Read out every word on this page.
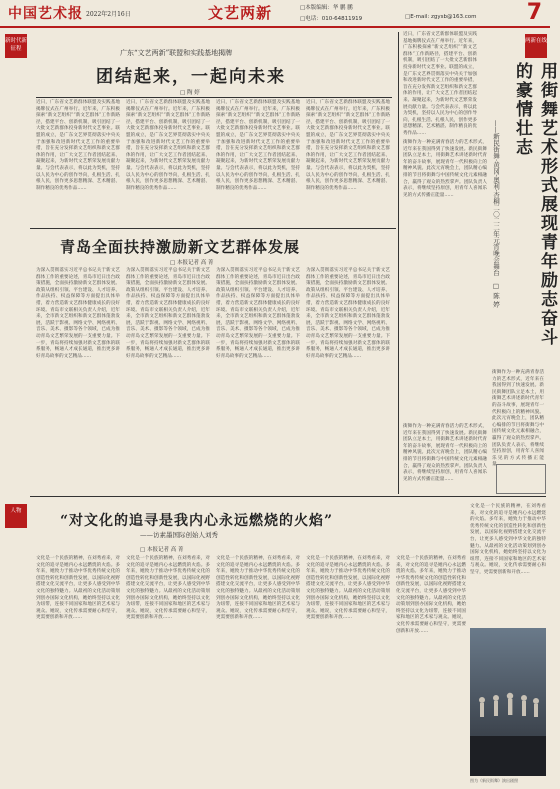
中国艺术报 2022年2月16日	文艺两新	□本版编辑：华 鹏 鹏
□电话：010-64811919	□E-mail: zgysb@163.com 7
新时代新征程	广东“文艺两新”联盟和实践基地揭牌
团结起来，一起向未来
□ 陶 婷
近日，广东省文艺新群体联盟及实践基地揭牌仪式在广州举行。近年来，广东积极探索“新文艺组织”“新文艺群体”工作新路径，搭建平台、创新机制，吸引团结了一大批文艺新群体投身新时代文艺事业。联盟的成立，是广东文艺界贯彻落实中央关于加强和改进新时代文艺工作的重要举措，旨在充分发挥新文艺组织和新文艺群体的作用，让广大文艺工作者团结起来、凝聚起来，为新时代文艺繁荣发展贡献力量。与会代表表示，将以此为契机，坚持以人民为中心的创作导向，扎根生活、扎根人民，创作更多思想精深、艺术精湛、制作精良的优秀作品……
近日，广东省文艺新群体联盟及实践基地揭牌仪式在广州举行。近年来，广东积极探索“新文艺组织”“新文艺群体”工作新路径，搭建平台、创新机制，吸引团结了一大批文艺新群体投身新时代文艺事业。联盟的成立，是广东文艺界贯彻落实中央关于加强和改进新时代文艺工作的重要举措，旨在充分发挥新文艺组织和新文艺群体的作用，让广大文艺工作者团结起来、凝聚起来，为新时代文艺繁荣发展贡献力量。与会代表表示，将以此为契机，坚持以人民为中心的创作导向，扎根生活、扎根人民，创作更多思想精深、艺术精湛、制作精良的优秀作品……
近日，广东省文艺新群体联盟及实践基地揭牌仪式在广州举行。近年来，广东积极探索“新文艺组织”“新文艺群体”工作新路径，搭建平台、创新机制，吸引团结了一大批文艺新群体投身新时代文艺事业。联盟的成立，是广东文艺界贯彻落实中央关于加强和改进新时代文艺工作的重要举措，旨在充分发挥新文艺组织和新文艺群体的作用，让广大文艺工作者团结起来、凝聚起来，为新时代文艺繁荣发展贡献力量。与会代表表示，将以此为契机，坚持以人民为中心的创作导向，扎根生活、扎根人民，创作更多思想精深、艺术精湛、制作精良的优秀作品……
近日，广东省文艺新群体联盟及实践基地揭牌仪式在广州举行。近年来，广东积极探索“新文艺组织”“新文艺群体”工作新路径，搭建平台、创新机制，吸引团结了一大批文艺新群体投身新时代文艺事业。联盟的成立，是广东文艺界贯彻落实中央关于加强和改进新时代文艺工作的重要举措，旨在充分发挥新文艺组织和新文艺群体的作用，让广大文艺工作者团结起来、凝聚起来，为新时代文艺繁荣发展贡献力量。与会代表表示，将以此为契机，坚持以人民为中心的创作导向，扎根生活、扎根人民，创作更多思想精深、艺术精湛、制作精良的优秀作品……
青岛全面扶持激励新文艺群体发展
□ 本报记者 高 菁
为深入贯彻落实习近平总书记关于新文艺群体工作的重要论述，青岛市近日出台政策措施，全面扶持激励新文艺群体发展。政策从组织引领、平台建设、人才培养、作品扶持、权益保障等方面提出具体举措，着力营造新文艺群体健康成长的良好环境。青岛市文联相关负责人介绍，近年来，全市新文艺组织和新文艺群体蓬勃发展，活跃于影视、网络文学、网络视听、音乐、美术、摄影等各个领域，已成为推动青岛文艺繁荣发展的一支重要力量。下一步，青岛将持续加强对新文艺群体的联系服务，畅通人才成长通道，推出更多讲好青岛故事的文艺精品……
为深入贯彻落实习近平总书记关于新文艺群体工作的重要论述，青岛市近日出台政策措施，全面扶持激励新文艺群体发展。政策从组织引领、平台建设、人才培养、作品扶持、权益保障等方面提出具体举措，着力营造新文艺群体健康成长的良好环境。青岛市文联相关负责人介绍，近年来，全市新文艺组织和新文艺群体蓬勃发展，活跃于影视、网络文学、网络视听、音乐、美术、摄影等各个领域，已成为推动青岛文艺繁荣发展的一支重要力量。下一步，青岛将持续加强对新文艺群体的联系服务，畅通人才成长通道，推出更多讲好青岛故事的文艺精品……
为深入贯彻落实习近平总书记关于新文艺群体工作的重要论述，青岛市近日出台政策措施，全面扶持激励新文艺群体发展。政策从组织引领、平台建设、人才培养、作品扶持、权益保障等方面提出具体举措，着力营造新文艺群体健康成长的良好环境。青岛市文联相关负责人介绍，近年来，全市新文艺组织和新文艺群体蓬勃发展，活跃于影视、网络文学、网络视听、音乐、美术、摄影等各个领域，已成为推动青岛文艺繁荣发展的一支重要力量。下一步，青岛将持续加强对新文艺群体的联系服务，畅通人才成长通道，推出更多讲好青岛故事的文艺精品……
为深入贯彻落实习近平总书记关于新文艺群体工作的重要论述，青岛市近日出台政策措施，全面扶持激励新文艺群体发展。政策从组织引领、平台建设、人才培养、作品扶持、权益保障等方面提出具体举措，着力营造新文艺群体健康成长的良好环境。青岛市文联相关负责人介绍，近年来，全市新文艺组织和新文艺群体蓬勃发展，活跃于影视、网络文学、网络视听、音乐、美术、摄影等各个领域，已成为推动青岛文艺繁荣发展的一支重要力量。下一步，青岛将持续加强对新文艺群体的联系服务，畅通人才成长通道，推出更多讲好青岛故事的文艺精品……
近日，广东省文艺新群体联盟及实践基地揭牌仪式在广州举行。近年来，广东积极探索“新文艺组织”“新文艺群体”工作新路径，搭建平台、创新机制，吸引团结了一大批文艺新群体投身新时代文艺事业。联盟的成立，是广东文艺界贯彻落实中央关于加强和改进新时代文艺工作的重要举措，旨在充分发挥新文艺组织和新文艺群体的作用，让广大文艺工作者团结起来、凝聚起来，为新时代文艺繁荣发展贡献力量。与会代表表示，将以此为契机，坚持以人民为中心的创作导向，扎根生活、扎根人民，创作更多思想精深、艺术精湛、制作精良的优秀作品……
两新在线
用街舞艺术形式展现青年励志奋斗的豪情壮志
——新民街舞·黄冈·奥利·杏桐二〇二二年元宵晚会舞台
□ 陈 婷
街舞作为一种充满青春活力的艺术形式，近年来在我国得到了快速发展。新民街舞团队立足本土，用街舞艺术讲述新时代青年的奋斗故事，展现青年一代积极向上的精神风貌。此次元宵晚会上，团队精心编排的节目将街舞与中国传统文化元素相融合，赢得了观众的热烈掌声。团队负责人表示，将继续坚持原创，用青年人喜闻乐见的方式传播正能量……
街舞作为一种充满青春活力的艺术形式，近年来在我国得到了快速发展。新民街舞团队立足本土，用街舞艺术讲述新时代青年的奋斗故事，展现青年一代积极向上的精神风貌。此次元宵晚会上，团队精心编排的节目将街舞与中国传统文化元素相融合，赢得了观众的热烈掌声。团队负责人表示，将继续坚持原创，用青年人喜闻乐见的方式传播正能量……
街舞作为一种充满青春活力的艺术形式，近年来在我国得到了快速发展。新民街舞团队立足本土，用街舞艺术讲述新时代青年的奋斗故事，展现青年一代积极向上的精神风貌。此次元宵晚会上，团队精心编排的节目将街舞与中国传统文化元素相融合，赢得了观众的热烈掌声。团队负责人表示，将继续坚持原创，用青年人喜闻乐见的方式传播正能量……
人物
“对文化的追寻是我内心永远燃烧的火焰”
——访素墨国际创始人刘秀
□ 本报记者 高 菁
文化是一个民族的精神，在刘秀看来，对文化的追寻是她内心永远燃烧的火焰。多年来，她致力于推动中华优秀传统文化的创造性转化和创新性发展，以国际化视野搭建文化交流平台，让更多人感受到中华文化的独特魅力。从最初的文化活动策划到创办国际文化机构，她始终坚持以文化为纽带，连接不同国家和地区的艺术家与观众。她说，文化传承需要耐心和坚守，更需要创新和开放……
文化是一个民族的精神，在刘秀看来，对文化的追寻是她内心永远燃烧的火焰。多年来，她致力于推动中华优秀传统文化的创造性转化和创新性发展，以国际化视野搭建文化交流平台，让更多人感受到中华文化的独特魅力。从最初的文化活动策划到创办国际文化机构，她始终坚持以文化为纽带，连接不同国家和地区的艺术家与观众。她说，文化传承需要耐心和坚守，更需要创新和开放……
文化是一个民族的精神，在刘秀看来，对文化的追寻是她内心永远燃烧的火焰。多年来，她致力于推动中华优秀传统文化的创造性转化和创新性发展，以国际化视野搭建文化交流平台，让更多人感受到中华文化的独特魅力。从最初的文化活动策划到创办国际文化机构，她始终坚持以文化为纽带，连接不同国家和地区的艺术家与观众。她说，文化传承需要耐心和坚守，更需要创新和开放……
文化是一个民族的精神，在刘秀看来，对文化的追寻是她内心永远燃烧的火焰。多年来，她致力于推动中华优秀传统文化的创造性转化和创新性发展，以国际化视野搭建文化交流平台，让更多人感受到中华文化的独特魅力。从最初的文化活动策划到创办国际文化机构，她始终坚持以文化为纽带，连接不同国家和地区的艺术家与观众。她说，文化传承需要耐心和坚守，更需要创新和开放……
文化是一个民族的精神，在刘秀看来，对文化的追寻是她内心永远燃烧的火焰。多年来，她致力于推动中华优秀传统文化的创造性转化和创新性发展，以国际化视野搭建文化交流平台，让更多人感受到中华文化的独特魅力。从最初的文化活动策划到创办国际文化机构，她始终坚持以文化为纽带，连接不同国家和地区的艺术家与观众。她说，文化传承需要耐心和坚守，更需要创新和开放……
文化是一个民族的精神，在刘秀看来，对文化的追寻是她内心永远燃烧的火焰。多年来，她致力于推动中华优秀传统文化的创造性转化和创新性发展，以国际化视野搭建文化交流平台，让更多人感受到中华文化的独特魅力。从最初的文化活动策划到创办国际文化机构，她始终坚持以文化为纽带，连接不同国家和地区的艺术家与观众。她说，文化传承需要耐心和坚守，更需要创新和开放……
图为《新民街舞》演出剧照
